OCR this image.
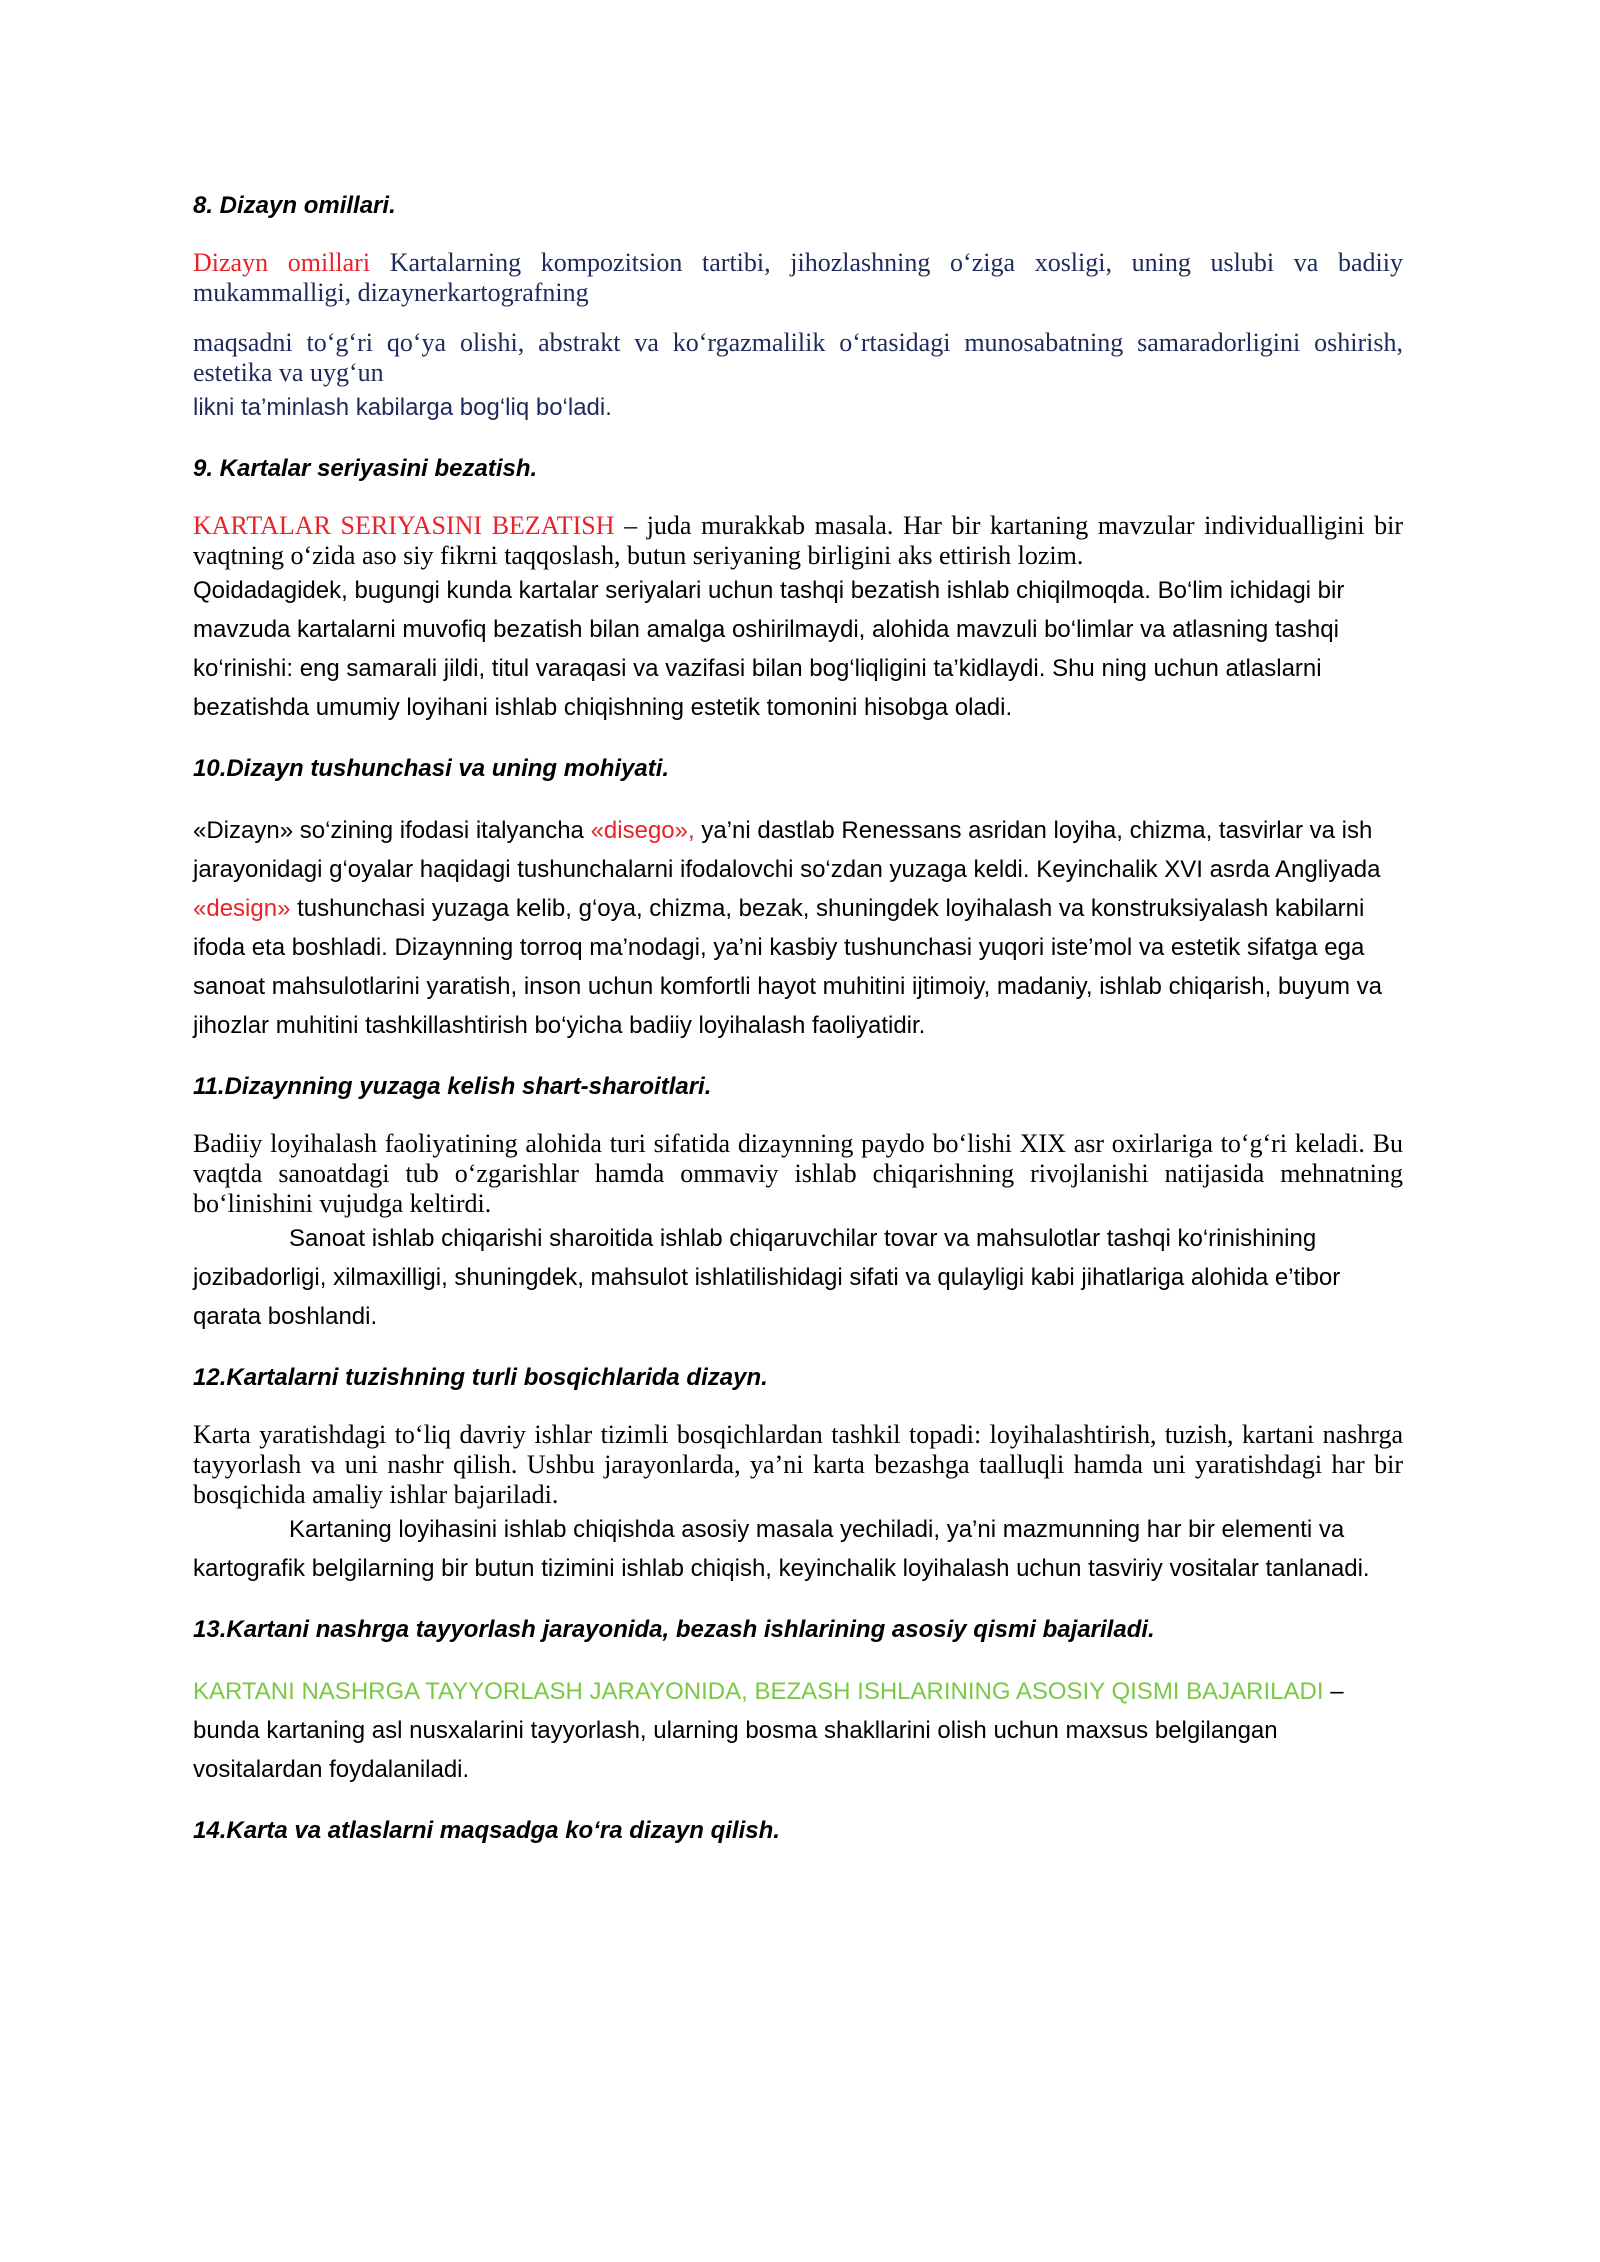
8. Dizayn omillari.

Dizayn omillari Kartalarning kompozitsion tartibi, jihozlashning o‘ziga xosligi, uning uslubi va badiiy mukammalligi, dizaynerkartografning

maqsadni to‘g‘ri qo‘ya olishi, abstrakt va ko‘rgazmalilik o‘rtasidagi munosabatning samaradorligini oshirish, estetika va uyg‘un

likni ta’minlash kabilarga bog‘liq bo‘ladi.

9. Kartalar seriyasini bezatish.

KARTALAR SERIYASINI BEZATISH – juda murakkab masala. Har bir kartaning mavzular individualligini bir vaqtning o‘zida aso siy fikrni taqqoslash, butun seriyaning birligini aks ettirish lozim.

Qoidadagidek, bugungi kunda kartalar seriyalari uchun tashqi bezatish ishlab chiqilmoqda. Bo‘lim ichidagi bir mavzuda kartalarni muvofiq bezatish bilan amalga oshirilmaydi, alohida mavzuli bo‘limlar va atlasning tashqi ko‘rinishi: eng samarali jildi, titul varaqasi va vazifasi bilan bog‘liqligini ta’kidlaydi. Shu ning uchun atlaslarni bezatishda umumiy loyihani ishlab chiqishning estetik tomonini hisobga oladi.

10.Dizayn tushunchasi va uning mohiyati.

«Dizayn» so‘zining ifodasi italyancha «disego», ya’ni dastlab Renessans asridan loyiha, chizma, tasvirlar va ish jarayonidagi g‘oyalar haqidagi tushunchalarni ifodalovchi so‘zdan yuzaga keldi. Keyinchalik XVI asrda Angliyada «design» tushunchasi yuzaga kelib, g‘oya, chizma, bezak, shuningdek loyihalash va konstruksiyalash kabilarni ifoda eta boshladi. Dizaynning torroq ma’nodagi, ya’ni kasbiy tushunchasi yuqori iste’mol va estetik sifatga ega sanoat mahsulotlarini yaratish, inson uchun komfortli hayot muhitini ijtimoiy, madaniy, ishlab chiqarish, buyum va jihozlar muhitini tashkillashtirish bo‘yicha badiiy loyihalash faoliyatidir.

11.Dizaynning yuzaga kelish shart-sharoitlari.

Badiiy loyihalash faoliyatining alohida turi sifatida dizaynning paydo bo‘lishi XIX asr oxirlariga to‘g‘ri keladi. Bu vaqtda sanoatdagi tub o‘zgarishlar hamda ommaviy ishlab chiqarishning rivojlanishi natijasida mehnatning bo‘linishini vujudga keltirdi.

Sanoat ishlab chiqarishi sharoitida ishlab chiqaruvchilar tovar va mahsulotlar tashqi ko‘rinishining jozibadorligi, xilmaxilligi, shuningdek, mahsulot ishlatilishidagi sifati va qulayligi kabi jihatlariga alohida e’tibor qarata boshlandi.

12.Kartalarni tuzishning turli bosqichlarida dizayn.

Karta yaratishdagi to‘liq davriy ishlar tizimli bosqichlardan tashkil topadi: loyihalashtirish, tuzish, kartani nashrga tayyorlash va uni nashr qilish. Ushbu jarayonlarda, ya’ni karta bezashga taalluqli hamda uni yaratishdagi har bir bosqichida amaliy ishlar bajariladi.

Kartaning loyihasini ishlab chiqishda asosiy masala yechiladi, ya’ni mazmunning har bir elementi va kartografik belgilarning bir butun tizimini ishlab chiqish, keyinchalik loyihalash uchun tasviriy vositalar tanlanadi.

13.Kartani nashrga tayyorlash jarayonida, bezash ishlarining asosiy qismi bajariladi.

KARTANI NASHRGA TAYYORLASH JARAYONIDA, BEZASH ISHLARINING ASOSIY QISMI BAJARILADI – bunda kartaning asl nusxalarini tayyorlash, ularning bosma shakllarini olish uchun maxsus belgilangan vositalardan foydalaniladi.

14.Karta va atlaslarni maqsadga ko‘ra dizayn qilish.
